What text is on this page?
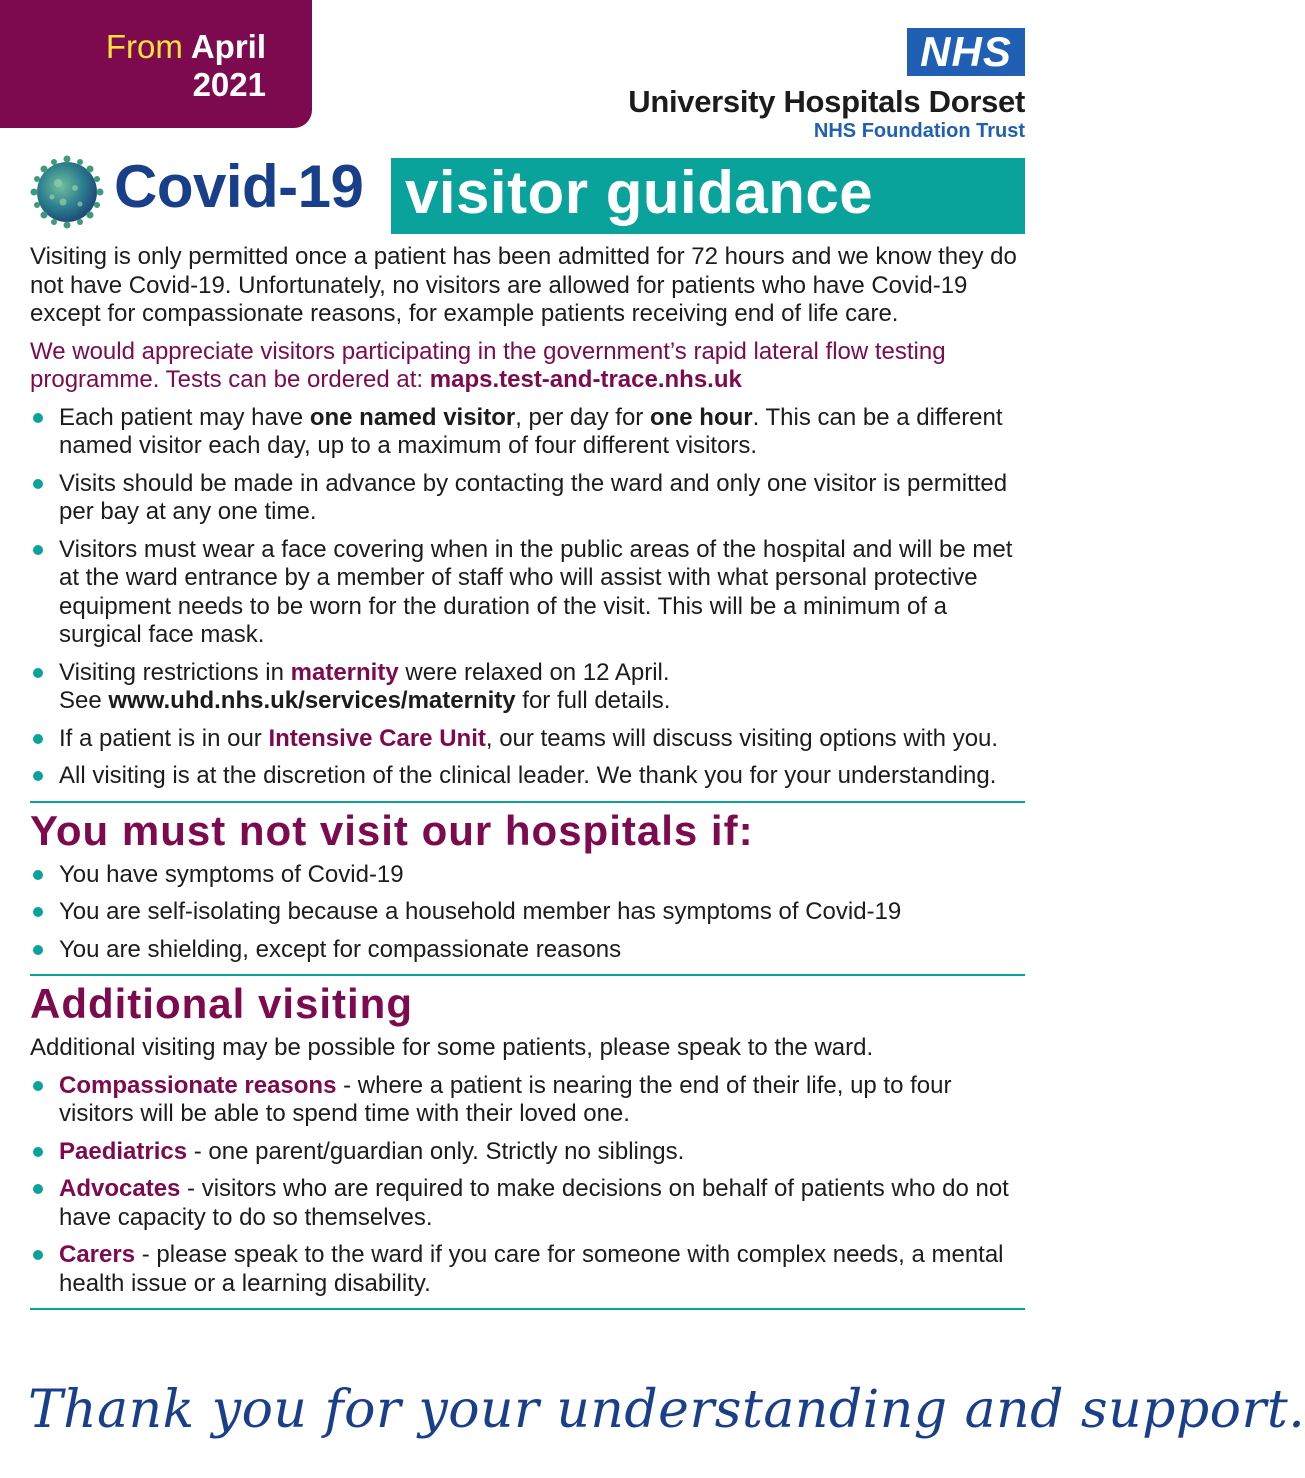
From April
2021
NHS
University Hospitals Dorset
NHS Foundation Trust
Covid-19 visitor guidance

Visiting is only permitted once a patient has been admitted for 72 hours and we know they do not have Covid-19. Unfortunately, no visitors are allowed for patients who have Covid-19 except for compassionate reasons, for example patients receiving end of life care.

We would appreciate visitors participating in the government’s rapid lateral flow testing programme. Tests can be ordered at: maps.test-and-trace.nhs.uk

Each patient may have one named visitor, per day for one hour. This can be a different named visitor each day, up to a maximum of four different visitors.
Visits should be made in advance by contacting the ward and only one visitor is permitted per bay at any one time.
Visitors must wear a face covering when in the public areas of the hospital and will be met at the ward entrance by a member of staff who will assist with what personal protective equipment needs to be worn for the duration of the visit. This will be a minimum of a surgical face mask.
Visiting restrictions in maternity were relaxed on 12 April.
See www.uhd.nhs.uk/services/maternity for full details.
If a patient is in our Intensive Care Unit, our teams will discuss visiting options with you.
All visiting is at the discretion of the clinical leader. We thank you for your understanding.
You must not visit our hospitals if:
You have symptoms of Covid-19
You are self-isolating because a household member has symptoms of Covid-19
You are shielding, except for compassionate reasons
Additional visiting

Additional visiting may be possible for some patients, please speak to the ward.

Compassionate reasons - where a patient is nearing the end of their life, up to four visitors will be able to spend time with their loved one.
Paediatrics - one parent/guardian only. Strictly no siblings.
Advocates - visitors who are required to make decisions on behalf of patients who do not have capacity to do so themselves.
Carers - please speak to the ward if you care for someone with complex needs, a mental health issue or a learning disability.
Thank you for your understanding and support.
